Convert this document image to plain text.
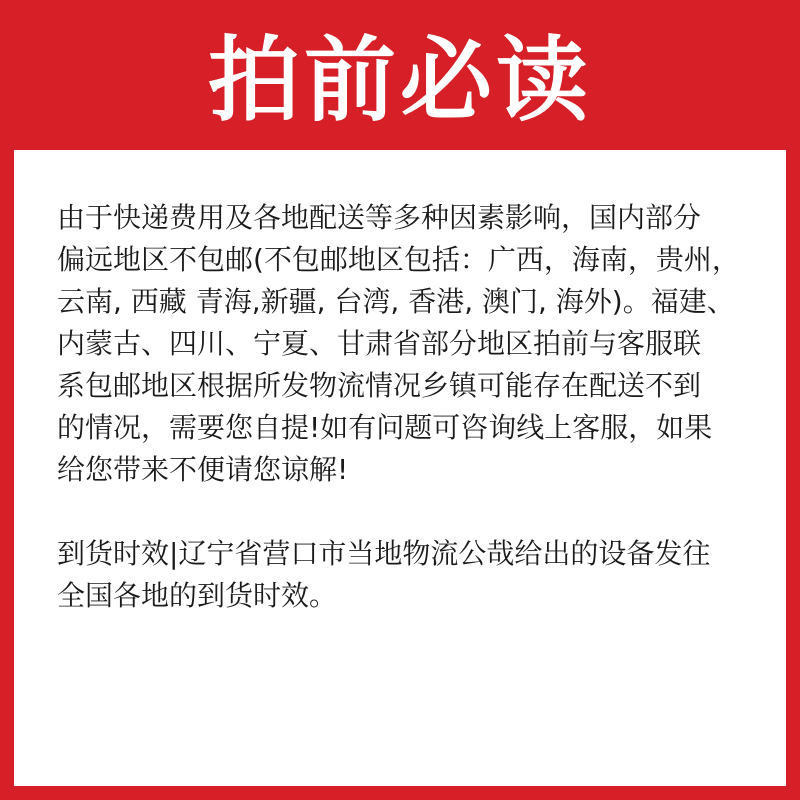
拍前必读
由于快递费用及各地配送等多种因素影响，国内部分
偏远地区不包邮(不包邮地区包括：广西，海南，贵州，
云南, 西藏 青海,新疆, 台湾, 香港, 澳门, 海外)。福建、
内蒙古、四川、宁夏、甘肃省部分地区拍前与客服联
系包邮地区根据所发物流情况乡镇可能存在配送不到
的情况，需要您自提!如有问题可咨询线上客服，如果
给您带来不便请您谅解!
到货时效|辽宁省营口市当地物流公哉给出的设备发往
全国各地的到货时效。
